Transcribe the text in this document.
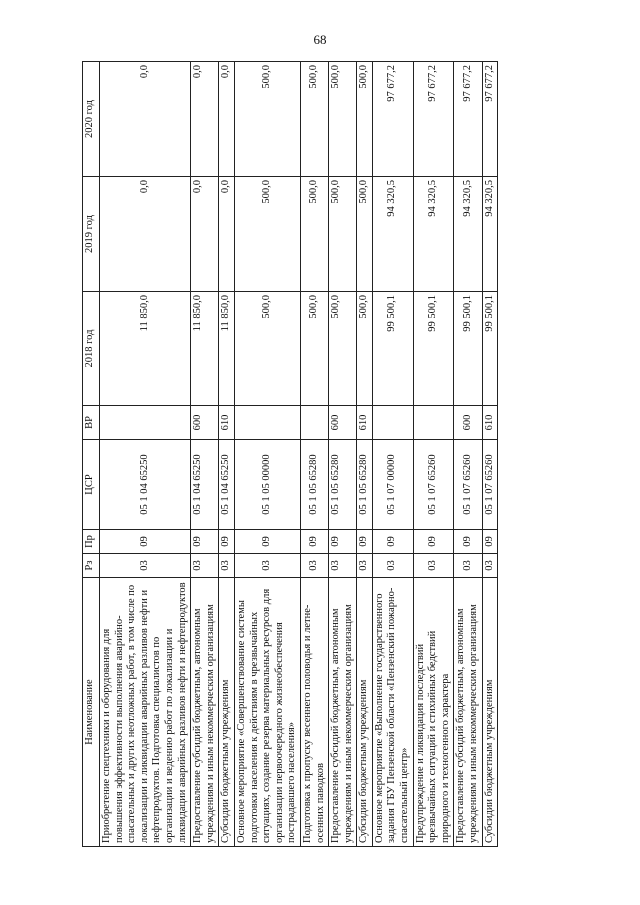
68
Наименование	Рз	Пр	ЦСР	ВР	2018 год	2019 год	2020 год
Приобретение спецтехники и оборудования для повышения эффективности выполнения аварийно-спасательных и других неотложных работ, в том числе по локализации и ликвидации аварийных разливов нефти и нефтепродуктов. Подготовка специалистов по организации и ведению работ по локализации и ликвидации аварийных разливов нефти и нефтепродуктов	03	09	05 1 04 65250		11 850,0	0,0	0,0
Предоставление субсидий бюджетным, автономным учреждениям и иным некоммерческим организациям	03	09	05 1 04 65250	600	11 850,0	0,0	0,0
Субсидии бюджетным учреждениям	03	09	05 1 04 65250	610	11 850,0	0,0	0,0
Основное мероприятие «Совершенствование системы подготовки населения к действиям в чрезвычайных ситуациях, создание резерва материальных ресурсов для организации первоочередного жизнеобеспечения пострадавшего населения»	03	09	05 1 05 00000		500,0	500,0	500,0
Подготовка к пропуску весеннего половодья и летне-осенних паводков	03	09	05 1 05 65280		500,0	500,0	500,0
Предоставление субсидий бюджетным, автономным учреждениям и иным некоммерческим организациям	03	09	05 1 05 65280	600	500,0	500,0	500,0
Субсидии бюджетным учреждениям	03	09	05 1 05 65280	610	500,0	500,0	500,0
Основное мероприятие «Выполнение государственного задания ГБУ Пензенской области «Пензенский пожарно-спасательный центр»	03	09	05 1 07 00000		99 500,1	94 320,5	97 677,2
Предупреждение и ликвидация последствий чрезвычайных ситуаций и стихийных бедствий природного и техногенного характера	03	09	05 1 07 65260		99 500,1	94 320,5	97 677,2
Предоставление субсидий бюджетным, автономным учреждениям и иным некоммерческим организациям	03	09	05 1 07 65260	600	99 500,1	94 320,5	97 677,2
Субсидии бюджетным учреждениям	03	09	05 1 07 65260	610	99 500,1	94 320,5	97 677,2
